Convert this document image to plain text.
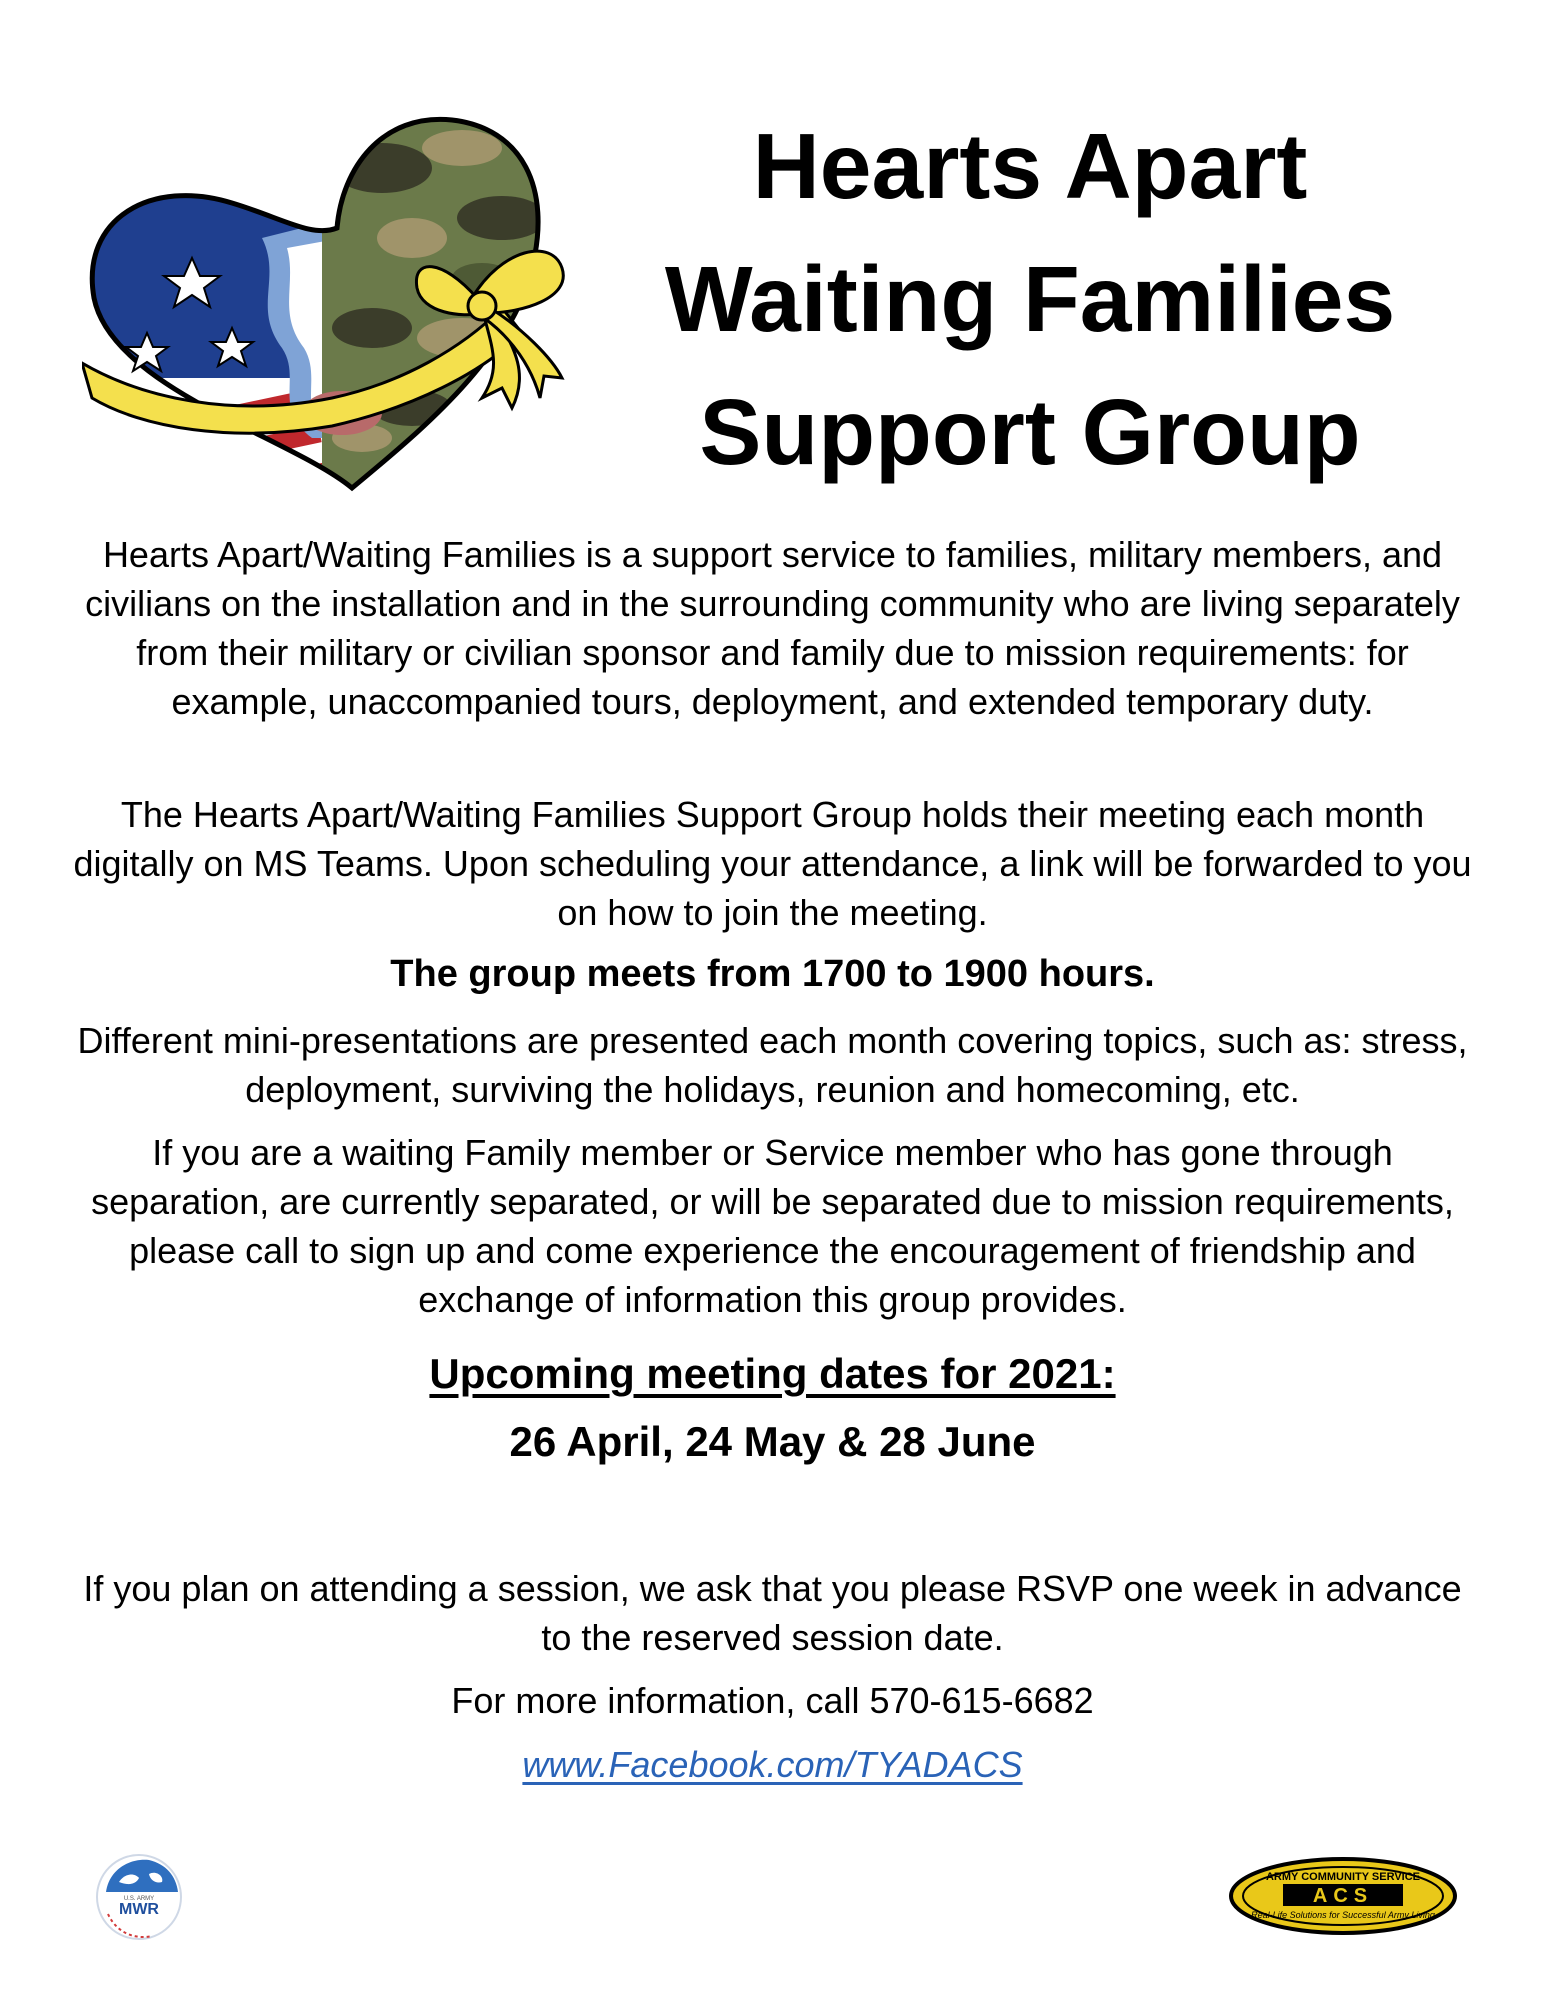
Hearts Apart
Waiting Families
Support Group
Hearts Apart/Waiting Families is a support service to families, military members, and civilians on the installation and in the surrounding community who are living separately from their military or civilian sponsor and family due to mission requirements: for example, unaccompanied tours, deployment, and extended temporary duty.
The Hearts Apart/Waiting Families Support Group holds their meeting each month digitally on MS Teams. Upon scheduling your attendance, a link will be forwarded to you on how to join the meeting.
The group meets from 1700 to 1900 hours.
Different mini-presentations are presented each month covering topics, such as: stress, deployment, surviving the holidays, reunion and homecoming, etc.
If you are a waiting Family member or Service member who has gone through separation, are currently separated, or will be separated due to mission requirements, please call to sign up and come experience the encouragement of friendship and exchange of information this group provides.
Upcoming meeting dates for 2021:
26 April, 24 May & 28 June
If you plan on attending a session, we ask that you please RSVP one week in advance to the reserved session date.
For more information, call 570-615-6682
www.Facebook.com/TYADACS
U.S. ARMY
MWR
ARMY COMMUNITY SERVICE
ACS
Real-Life Solutions for Successful Army Living
